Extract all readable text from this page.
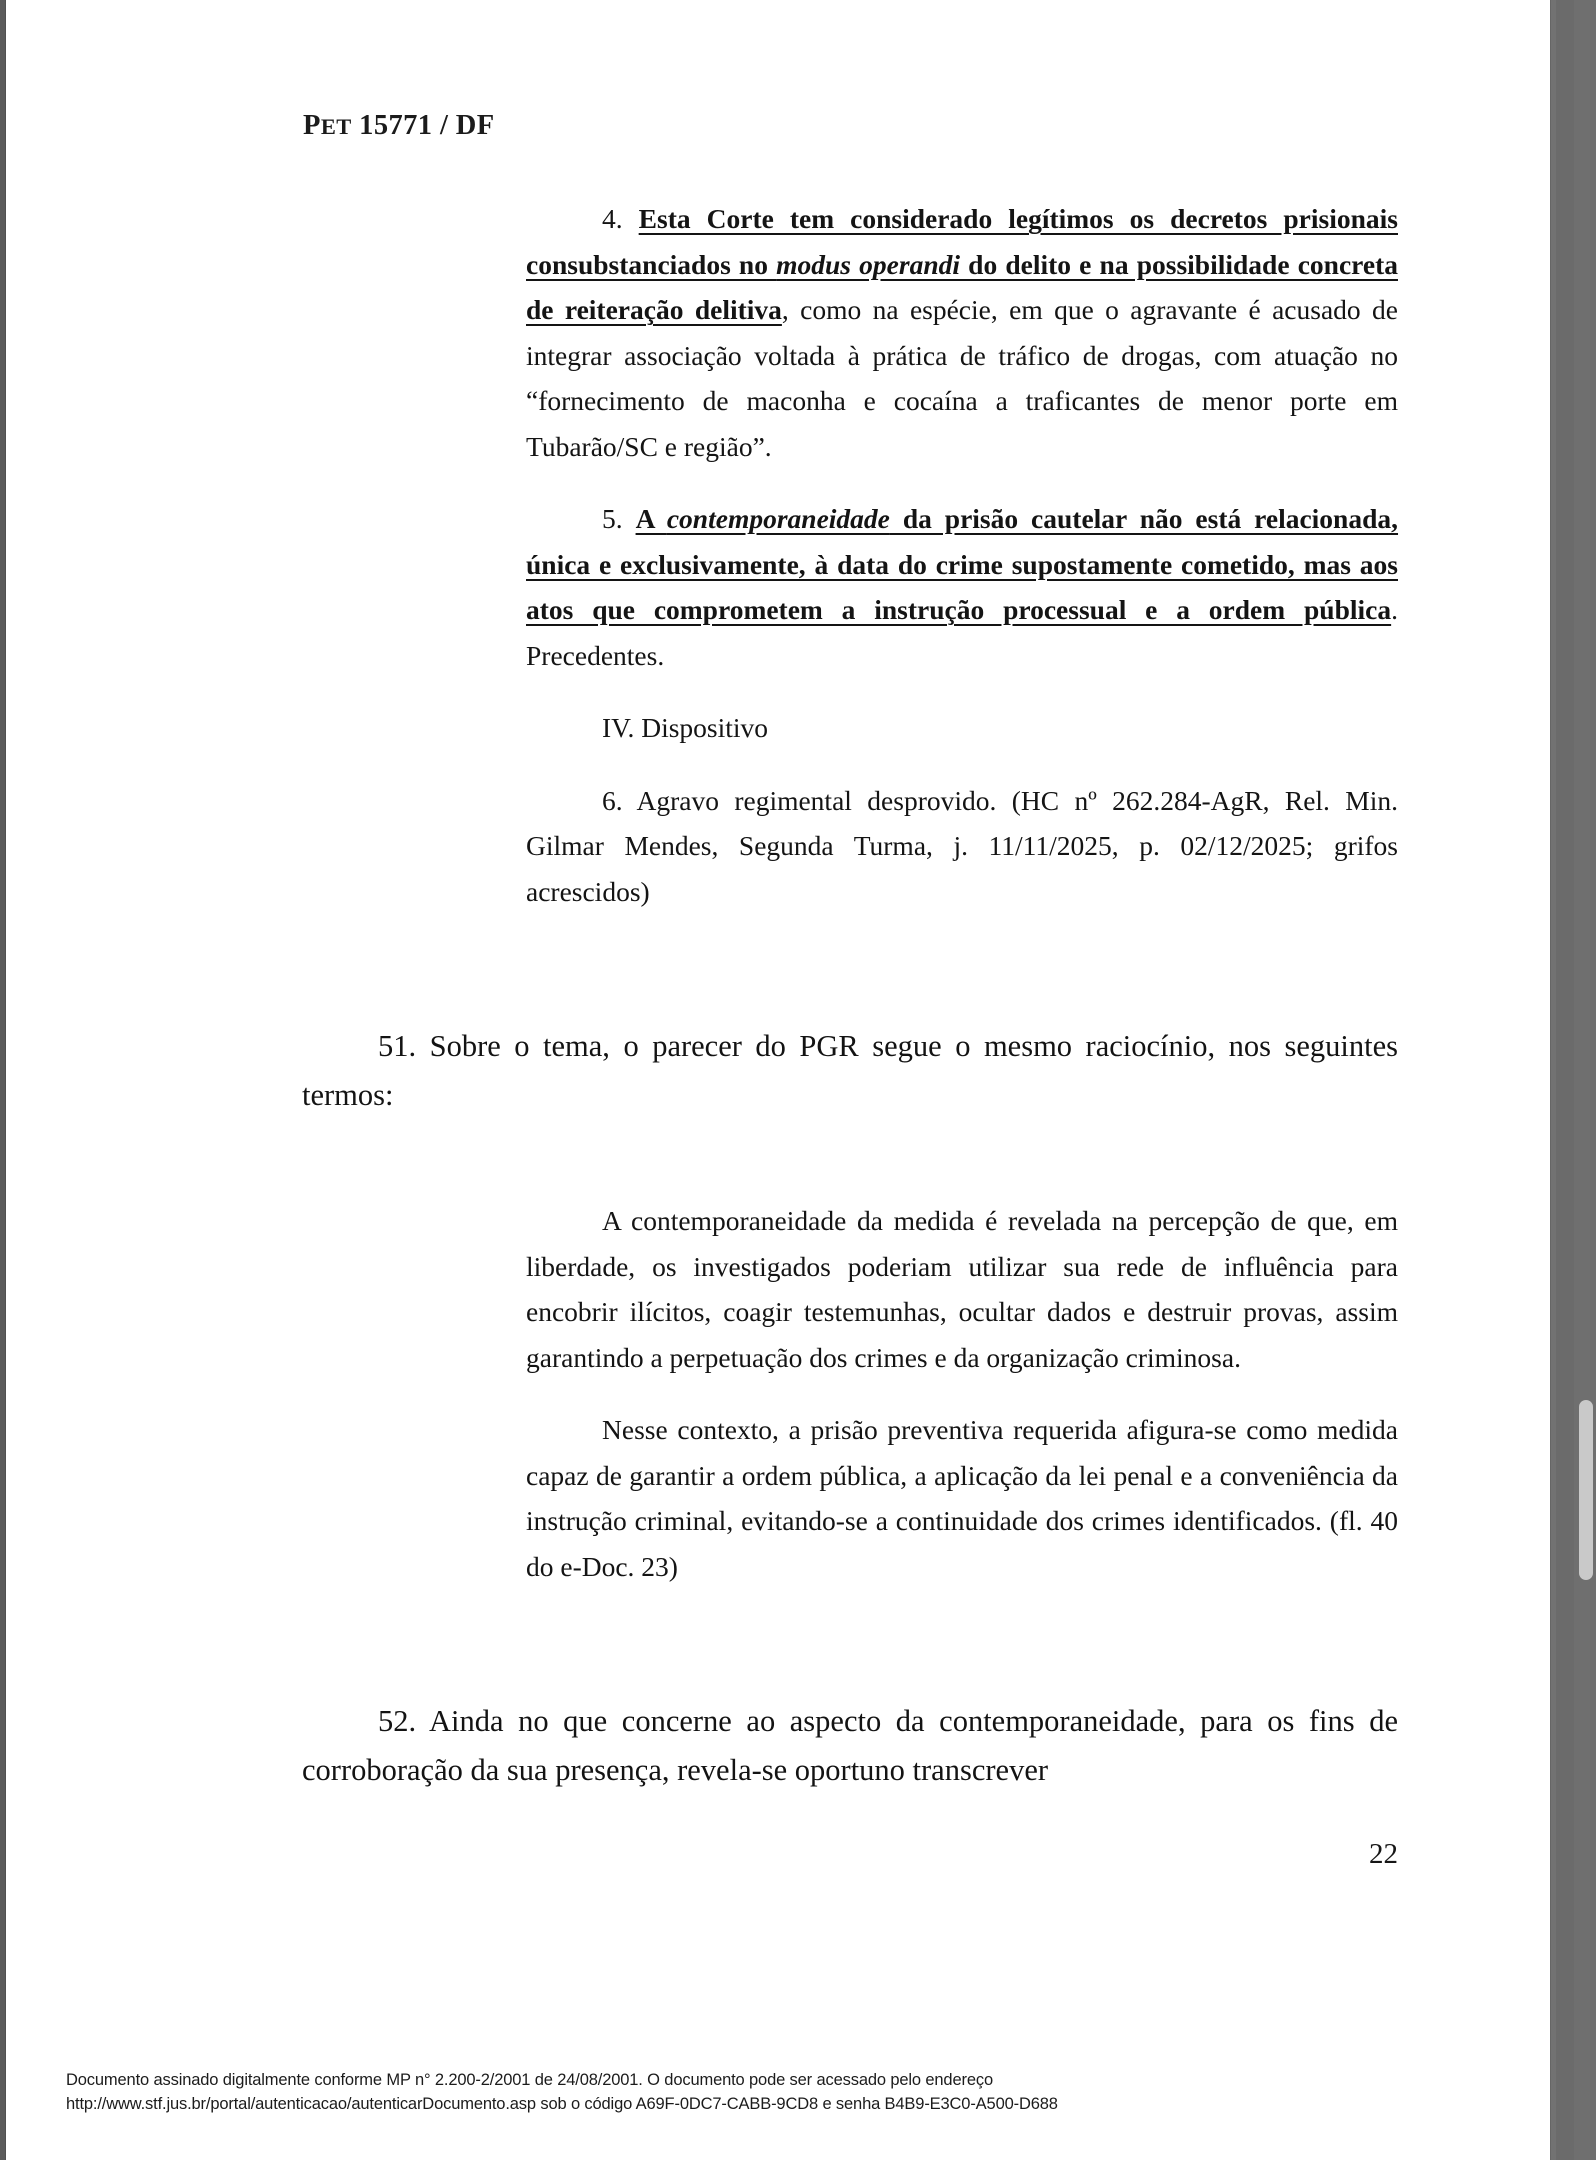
PET 15771 / DF

4. Esta Corte tem considerado legítimos os decretos prisionais consubstanciados no modus operandi do delito e na possibilidade concreta de reiteração delitiva, como na espécie, em que o agravante é acusado de integrar associação voltada à prática de tráfico de drogas, com atuação no “fornecimento de maconha e cocaína a traficantes de menor porte em Tubarão/SC e região”.

5. A contemporaneidade da prisão cautelar não está relacionada, única e exclusivamente, à data do crime supostamente cometido, mas aos atos que comprometem a instrução processual e a ordem pública. Precedentes.

IV. Dispositivo

6. Agravo regimental desprovido. (HC nº 262.284-AgR, Rel. Min. Gilmar Mendes, Segunda Turma, j. 11/11/2025, p. 02/12/2025; grifos acrescidos)

51. Sobre o tema, o parecer do PGR segue o mesmo raciocínio, nos seguintes termos:

A contemporaneidade da medida é revelada na percepção de que, em liberdade, os investigados poderiam utilizar sua rede de influência para encobrir ilícitos, coagir testemunhas, ocultar dados e destruir provas, assim garantindo a perpetuação dos crimes e da organização criminosa.

Nesse contexto, a prisão preventiva requerida afigura-se como medida capaz de garantir a ordem pública, a aplicação da lei penal e a conveniência da instrução criminal, evitando-se a continuidade dos crimes identificados. (fl. 40 do e-Doc. 23)

52. Ainda no que concerne ao aspecto da contemporaneidade, para os fins de corroboração da sua presença, revela-se oportuno transcrever

22
Documento assinado digitalmente conforme MP n° 2.200-2/2001 de 24/08/2001. O documento pode ser acessado pelo endereço
http://www.stf.jus.br/portal/autenticacao/autenticarDocumento.asp sob o código A69F-0DC7-CABB-9CD8 e senha B4B9-E3C0-A500-D688
